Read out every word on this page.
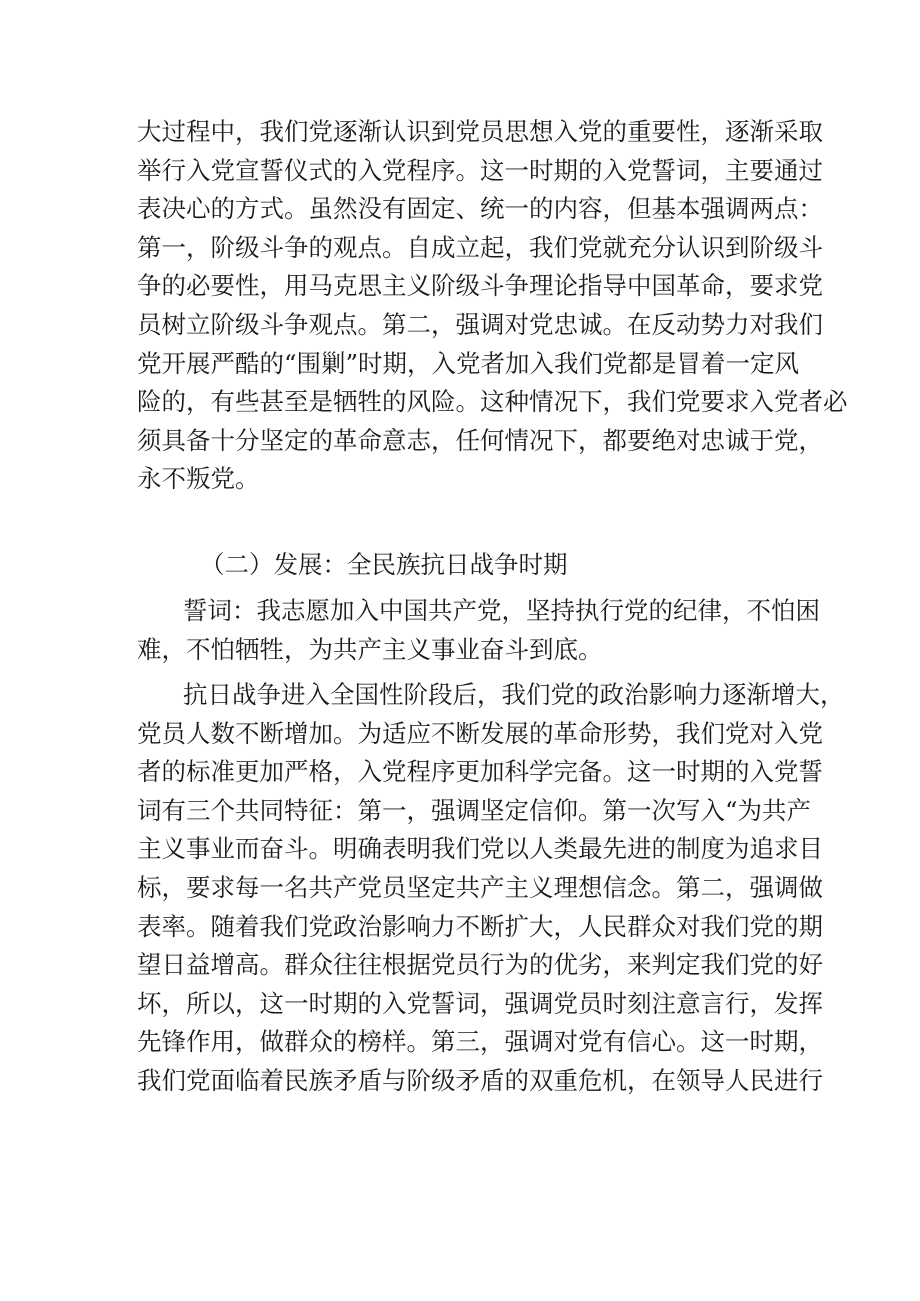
大过程中，我们党逐渐认识到党员思想入党的重要性，逐渐采取
举行入党宣誓仪式的入党程序。这一时期的入党誓词，主要通过
表决心的方式。虽然没有固定、统一的内容，但基本强调两点：
第一，阶级斗争的观点。自成立起，我们党就充分认识到阶级斗
争的必要性，用马克思主义阶级斗争理论指导中国革命，要求党
员树立阶级斗争观点。第二，强调对党忠诚。在反动势力对我们
党开展严酷的“围剿”时期，入党者加入我们党都是冒着一定风
险的，有些甚至是牺牲的风险。这种情况下，我们党要求入党者必
须具备十分坚定的革命意志，任何情况下，都要绝对忠诚于党，
永不叛党。
（二）发展：全民族抗日战争时期
誓词：我志愿加入中国共产党，坚持执行党的纪律，不怕困
难，不怕牺牲，为共产主义事业奋斗到底。
抗日战争进入全国性阶段后，我们党的政治影响力逐渐增大，
党员人数不断增加。为适应不断发展的革命形势，我们党对入党
者的标准更加严格，入党程序更加科学完备。这一时期的入党誓
词有三个共同特征：第一，强调坚定信仰。第一次写入“为共产
主义事业而奋斗。明确表明我们党以人类最先进的制度为追求目
标，要求每一名共产党员坚定共产主义理想信念。第二，强调做
表率。随着我们党政治影响力不断扩大，人民群众对我们党的期
望日益增高。群众往往根据党员行为的优劣，来判定我们党的好
坏，所以，这一时期的入党誓词，强调党员时刻注意言行，发挥
先锋作用，做群众的榜样。第三，强调对党有信心。这一时期，
我们党面临着民族矛盾与阶级矛盾的双重危机，在领导人民进行
